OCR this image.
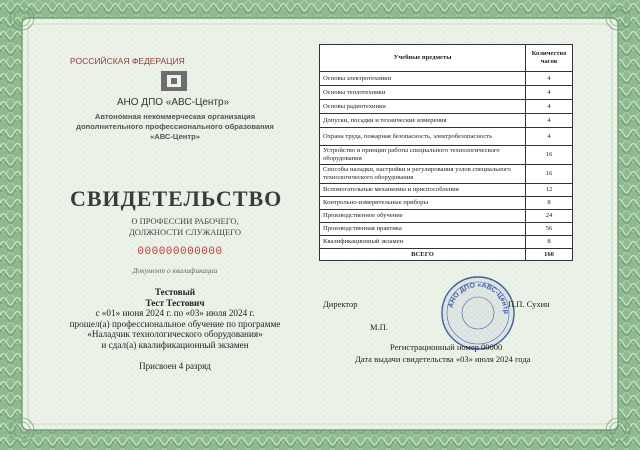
РОССИЙСКАЯ ФЕДЕРАЦИЯ
АНО ДПО «АВС-Центр»
Автономная некоммерческая организация
дополнительного профессионального образования
«АВС-Центр»
СВИДЕТЕЛЬСТВО
О ПРОФЕССИИ РАБОЧЕГО,
ДОЛЖНОСТИ СЛУЖАЩЕГО
000000000000
Документ о квалификации
Тестовый
Тест Тестович
с «01» июня 2024 г. по «03» июля 2024 г.
прошел(а) профессиональное обучение по программе
«Наладчик технологического оборудования»
и сдал(а) квалификационный экзамен
Присвоен 4 разряд
Учебные предметы	Количество
часов

Основы электротехники	4
Основы теплотехники	4
Основы радиотехники	4
Допуски, посадки и технические измерения	4
Охрана труда, пожарная безопасность, электробезопасность	4
Устройство и принцип работы специального технологического оборудования	16
Способы наладки, настройки и регулирования узлов специального технологического оборудования	16
Вспомогательные механизмы и приспособления	12
Контрольно-измерительные приборы	8
Производственное обучение	24
Производственная практика	56
Квалификационный экзамен	8
ВСЕГО	160
АНО ДПО «АВС-Центр
Директор	П.П. Сухин
М.П.
Регистрационный номер 00000
Дата выдачи свидетельства «03» июля 2024 года
